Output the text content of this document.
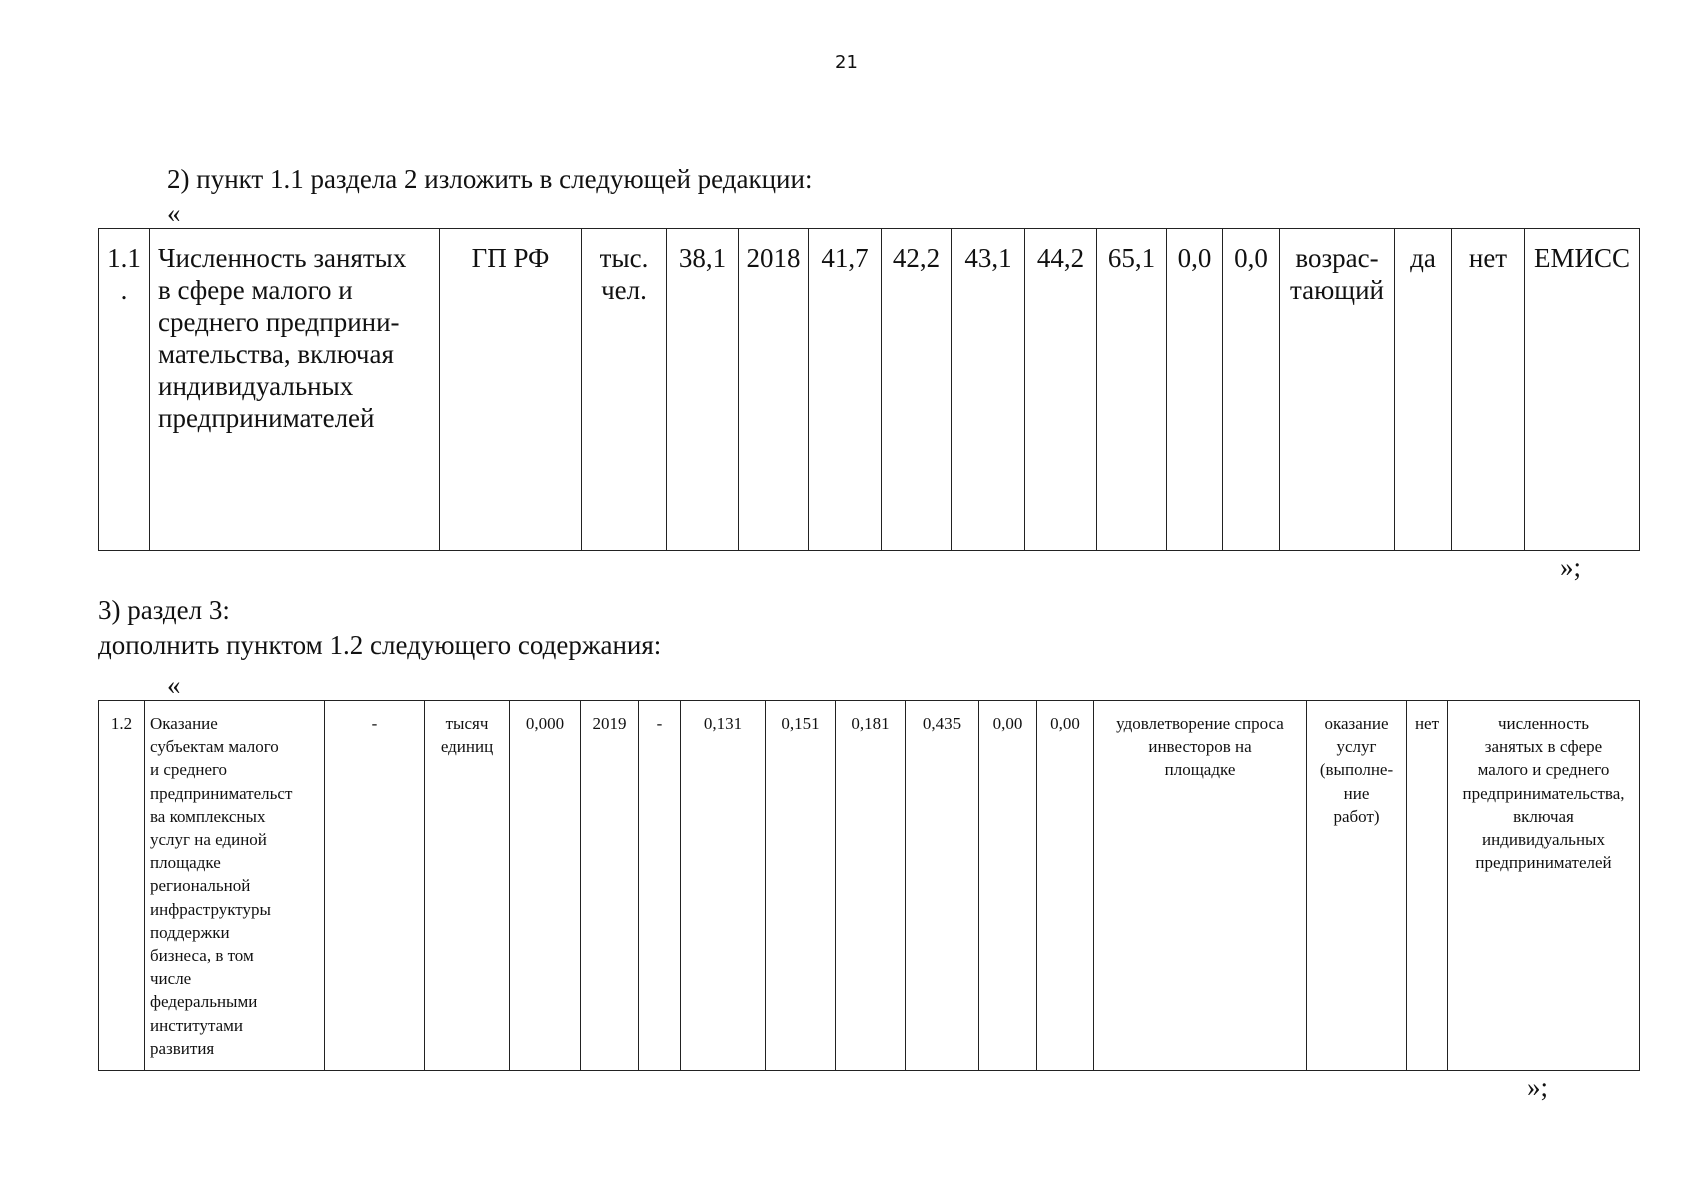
21
2) пункт 1.1 раздела 2 изложить в следующей редакции:
«
1.1
.	Численность занятых
в сфере малого и
среднего предприни-
мательства, включая
индивидуальных
предпринимателей	ГП РФ	тыс.
чел.	38,1	2018	41,7	42,2	43,1	44,2	65,1	0,0	0,0	возрас-
тающий	да	нет	ЕМИСС
»;
3) раздел 3:
дополнить пунктом 1.2 следующего содержания:
«
1.2	Оказание
субъектам малого
и среднего
предпринимательст
ва комплексных
услуг на единой
площадке
региональной
инфраструктуры
поддержки
бизнеса, в том
числе
федеральными
институтами
развития	-	тысяч
единиц	0,000	2019	-	0,131	0,151	0,181	0,435	0,00	0,00	удовлетворение спроса
инвесторов на
площадке	оказание
услуг
(выполне-
ние
работ)	нет	численность
занятых в сфере
малого и среднего
предпринимательства,
включая
индивидуальных
предпринимателей
»;
